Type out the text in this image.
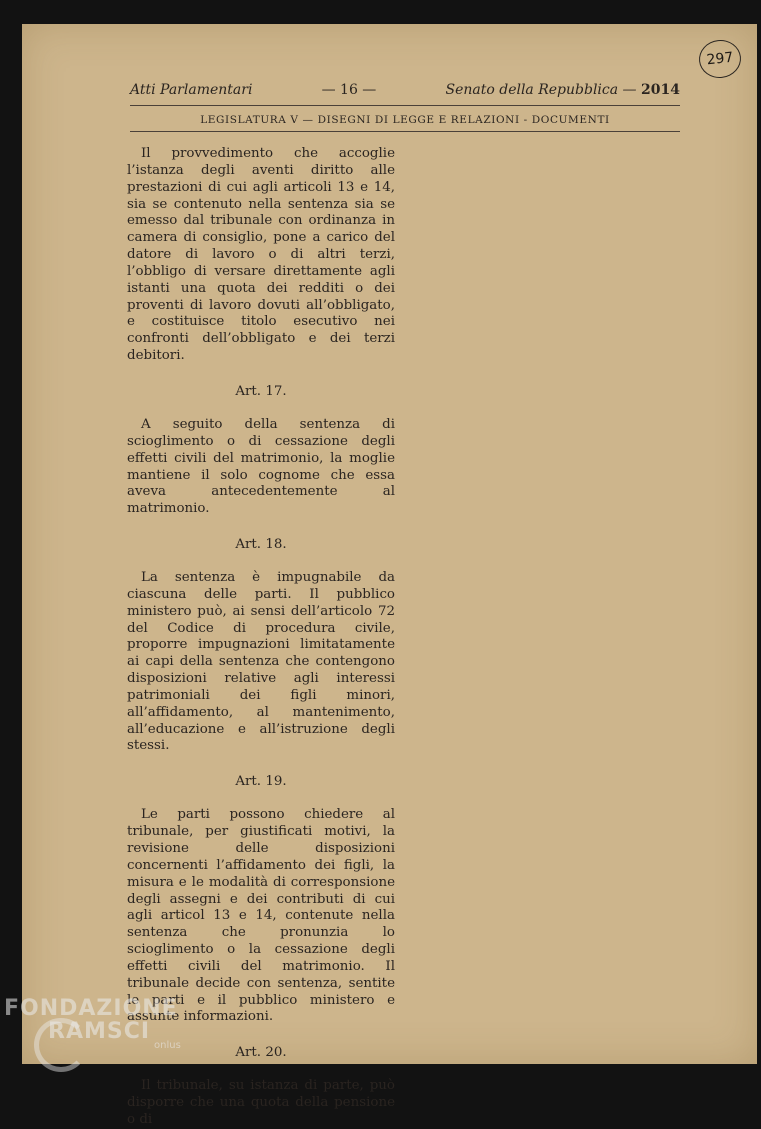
297
Atti Parlamentari	— 16 —	Senato della Repubblica — 2014
LEGISLATURA V — DISEGNI DI LEGGE E RELAZIONI - DOCUMENTI

Il provvedimento che accoglie l’istanza degli aventi diritto alle prestazioni di cui agli articoli 13 e 14, sia se contenuto nella sentenza sia se emesso dal tribunale con ordinanza in camera di consiglio, pone a carico del datore di lavoro o di altri terzi, l’obbligo di versare direttamente agli istanti una quota dei redditi o dei proventi di lavoro dovuti all’obbligato, e costituisce titolo esecutivo nei confronti dell’obbligato e dei terzi debitori.

Art. 17.

A seguito della sentenza di scioglimento o di cessazione degli effetti civili del matrimonio, la moglie mantiene il solo cognome che essa aveva antecedentemente al matrimonio.

Art. 18.

La sentenza è impugnabile da ciascuna delle parti. Il pubblico ministero può, ai sensi dell’articolo 72 del Codice di procedura civile, proporre impugnazioni limitatamente ai capi della sentenza che contengono disposizioni relative agli interessi patrimoniali dei figli minori, all’affidamento, al mantenimento, all’educazione e all’istruzione degli stessi.

Art. 19.

Le parti possono chiedere al tribunale, per giustificati motivi, la revisione delle disposizioni concernenti l’affidamento dei figli, la misura e le modalità di corresponsione degli assegni e dei contributi di cui agli articol 13 e 14, contenute nella sentenza che pronunzia lo scioglimento o la cessazione degli effetti civili del matrimonio. Il tribunale decide con sentenza, sentite le parti e il pubblico ministero e assunte informazioni.

Art. 20.

Il tribunale, su istanza di parte, può disporre che una quota della pensione o di

FONDAZIONE
RAMSCI
onlus
